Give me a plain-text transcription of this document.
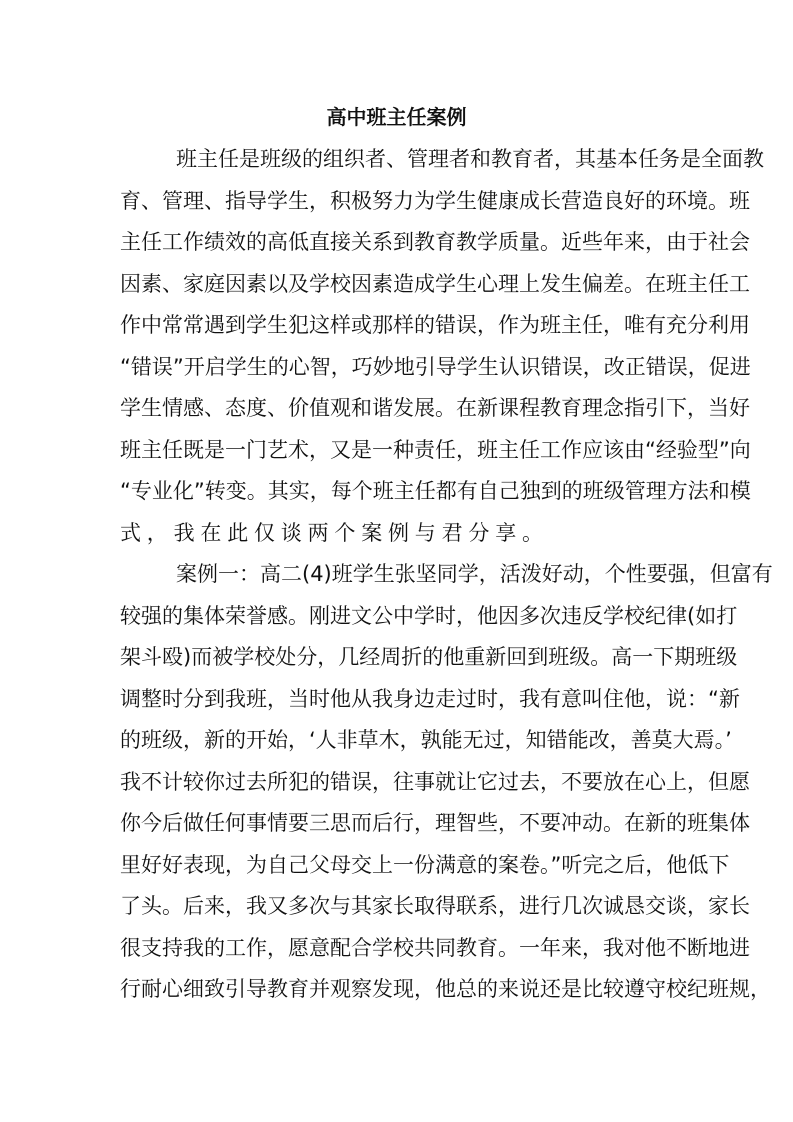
高中班主任案例
班主任是班级的组织者、管理者和教育者，其基本任务是全面教
育、管理、指导学生，积极努力为学生健康成长营造良好的环境。班
主任工作绩效的高低直接关系到教育教学质量。近些年来，由于社会
因素、家庭因素以及学校因素造成学生心理上发生偏差。在班主任工
作中常常遇到学生犯这样或那样的错误，作为班主任，唯有充分利用
“错误”开启学生的心智，巧妙地引导学生认识错误，改正错误，促进
学生情感、态度、价值观和谐发展。在新课程教育理念指引下，当好
班主任既是一门艺术，又是一种责任，班主任工作应该由“经验型”向
“专业化”转变。其实，每个班主任都有自己独到的班级管理方法和模
式，我在此仅谈两个案例与君分享。
案例一：高二(4)班学生张坚同学，活泼好动，个性要强，但富有
较强的集体荣誉感。刚进文公中学时，他因多次违反学校纪律(如打
架斗殴)而被学校处分，几经周折的他重新回到班级。高一下期班级
调整时分到我班，当时他从我身边走过时，我有意叫住他，说：“新
的班级，新的开始，‘人非草木，孰能无过，知错能改，善莫大焉。’
我不计较你过去所犯的错误，往事就让它过去，不要放在心上，但愿
你今后做任何事情要三思而后行，理智些，不要冲动。在新的班集体
里好好表现，为自己父母交上一份满意的案卷。”听完之后，他低下
了头。后来，我又多次与其家长取得联系，进行几次诚恳交谈，家长
很支持我的工作，愿意配合学校共同教育。一年来，我对他不断地进
行耐心细致引导教育并观察发现，他总的来说还是比较遵守校纪班规，
